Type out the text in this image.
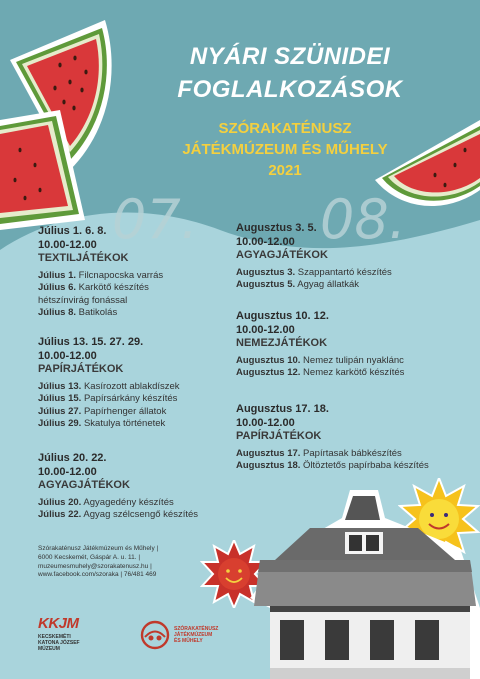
NYÁRI SZÜNIDEI
FOGLALKOZÁSOK
SZÓRAKATÉNUSZ
JÁTÉKMÚZEUM ÉS MŰHELY
2021
07. 08.
Július 1. 6. 8.
10.00-12.00
TEXTILJÁTÉKOK
Július 1. Filcnapocska varrás
Július 6. Karkötő készítés
hétszínvirág fonással
Július 8. Batikolás
Július 13. 15. 27. 29.
10.00-12.00
PAPÍRJÁTÉKOK
Július 13. Kasírozott ablakdíszek
Július 15. Papírsárkány készítés
Július 27. Papírhenger állatok
Július 29. Skatulya történetek
Július 20. 22.
10.00-12.00
AGYAGJÁTÉKOK
Július 20. Agyagedény készítés
Július 22. Agyag szélcsengő készítés
Augusztus 3. 5.
10.00-12.00
AGYAGJÁTÉKOK
Augusztus 3. Szappantartó készítés
Augusztus 5. Agyag állatkák
Augusztus 10. 12.
10.00-12.00
NEMEZJÁTÉKOK
Augusztus 10. Nemez tulipán nyaklánc
Augusztus 12. Nemez karkötő készítés
Augusztus 17. 18.
10.00-12.00
PAPÍRJÁTÉKOK
Augusztus 17. Papírtasak bábkészítés
Augusztus 18. Öltöztetős papírbaba készítés
Szórakaténusz Játékmúzeum és Műhely |
6000 Kecskemét, Gáspár A. u. 11. |
muzeumesmuhely@szorakatenusz.hu |
www.facebook.com/szoraka | 76/481 469
KKJM
KECSKEMÉTI
KATONA JÓZSEF
MÚZEUM
SZÓRAKATÉNUSZ
JÁTÉKMÚZEUM
ÉS MŰHELY
